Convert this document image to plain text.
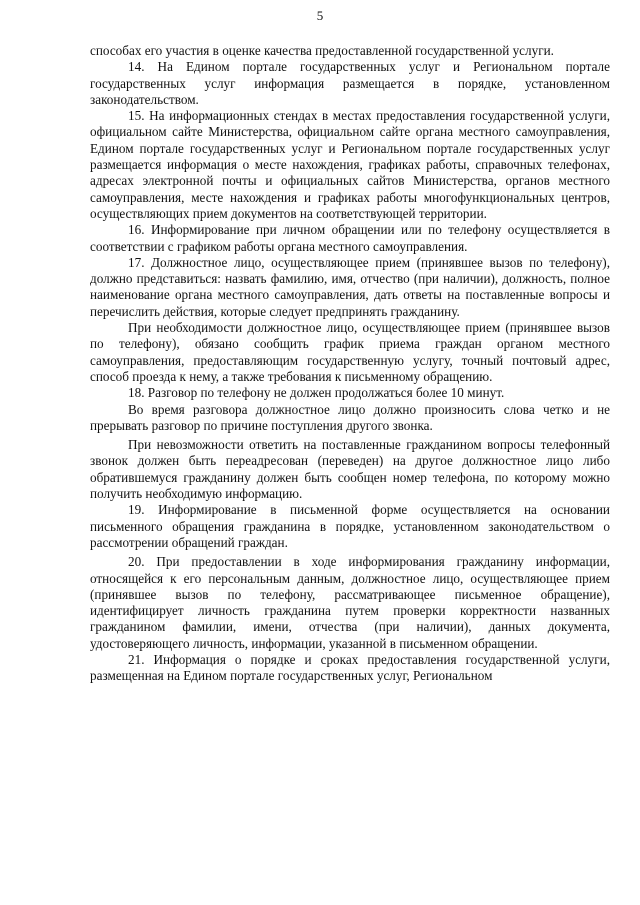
5

способах его участия в оценке качества предоставленной государственной услуги.

14. На Едином портале государственных услуг и Региональном портале государственных услуг информация размещается в порядке, установленном законодательством.

15. На информационных стендах в местах предоставления государственной услуги, официальном сайте Министерства, официальном сайте органа местного самоуправления, Едином портале государственных услуг и Региональном портале государственных услуг размещается информация о месте нахождения, графиках работы, справочных телефонах, адресах электронной почты и официальных сайтов Министерства, органов местного самоуправления, месте нахождения и графиках работы многофункциональных центров, осуществляющих прием документов на соответствующей территории.

16. Информирование при личном обращении или по телефону осуществляется в соответствии с графиком работы органа местного самоуправления.

17. Должностное лицо, осуществляющее прием (принявшее вызов по телефону), должно представиться: назвать фамилию, имя, отчество (при наличии), должность, полное наименование органа местного самоуправления, дать ответы на поставленные вопросы и перечислить действия, которые следует предпринять гражданину.

При необходимости должностное лицо, осуществляющее прием (принявшее вызов по телефону), обязано сообщить график приема граждан органом местного самоуправления, предоставляющим государственную услугу, точный почтовый адрес, способ проезда к нему, а также требования к письменному обращению.

18. Разговор по телефону не должен продолжаться более 10 минут.

Во время разговора должностное лицо должно произносить слова четко и не прерывать разговор по причине поступления другого звонка.

При невозможности ответить на поставленные гражданином вопросы телефонный звонок должен быть переадресован (переведен) на другое должностное лицо либо обратившемуся гражданину должен быть сообщен номер телефона, по которому можно получить необходимую информацию.

19. Информирование в письменной форме осуществляется на основании письменного обращения гражданина в порядке, установленном законодательством о рассмотрении обращений граждан.

20. При предоставлении в ходе информирования гражданину информации, относящейся к его персональным данным, должностное лицо, осуществляющее прием (принявшее вызов по телефону, рассматривающее письменное обращение), идентифицирует личность гражданина путем проверки корректности названных гражданином фамилии, имени, отчества (при наличии), данных документа, удостоверяющего личность, информации, указанной в письменном обращении.

21. Информация о порядке и сроках предоставления государственной услуги, размещенная на Едином портале государственных услуг, Региональном
